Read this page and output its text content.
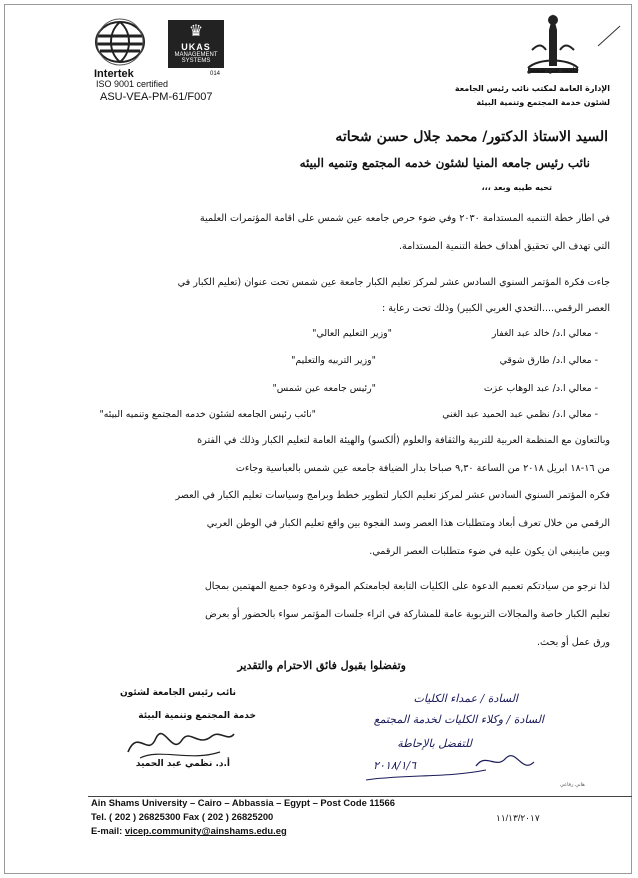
Intertek
♛
UKAS
MANAGEMENT SYSTEMS
014
ISO 9001 certified
ASU-VEA-PM-61/F007
جامعة عين شمس
الإدارة العامة لمكتب نائب رئيس الجامعة
لشئون خدمة المجتمع وتنمية البيئة
السيد الاستاذ الدكتور/ محمد جلال حسن شحاته
نائب رئيس جامعه المنيا لشئون خدمه المجتمع وتنميه البيئه
تحيه طيبه وبعد ،،،
في اطار خطة التنميه المستدامة ٢٠٣٠ وفي ضوء حرص جامعه عين شمس على اقامة المؤتمرات العلمية
التي تهدف الي تحقيق أهداف خطة التنمية المستدامة.
جاءت فكرة المؤتمر السنوي السادس عشر لمركز تعليم الكبار جامعة عين شمس تحت عنوان (تعليم الكبار في
العصر الرقمي....التحدي العربي الكبير) وذلك تحت رعاية :
- معالي ا.د/ خالد عبد الغفار
"وزير التعليم العالي"
- معالي ا.د/ طارق شوقي
"وزير التربيه والتعليم"
- معالي ا.د/ عبد الوهاب عزت
"رئيس جامعه عين شمس"
- معالي ا.د/ نظمي عبد الحميد عبد الغني
"نائب رئيس الجامعه لشئون خدمه المجتمع وتنميه البيئه"
وبالتعاون مع المنظمة العربية للتربية والثقافة والعلوم (ألكسو) والهيئة العامة لتعليم الكبار وذلك في الفترة
من ١٦-١٨ ابريل ٢٠١٨ من الساعة ٩,٣٠ صباحا بدار الضيافة جامعه عين شمس بالعباسية وجاءت
فكره المؤتمر السنوي السادس عشر لمركز تعليم الكبار لتطوير خطط وبرامج وسياسات تعليم الكبار في العصر
الرقمي من خلال تعرف أبعاد ومتطلبات هذا العصر وسد الفجوة بين واقع تعليم الكبار في الوطن العربي
وبين ماينبغي ان يكون عليه في ضوء متطلبات العصر الرقمي.
لذا نرجو من سيادتكم تعميم الدعوة على الكليات التابعة لجامعتكم الموقرة ودعوة جميع المهتمين بمجال
تعليم الكبار خاصة والمجالات التربوية عامة للمشاركة في اثراء جلسات المؤتمر سواء بالحضور أو بعرض
ورق عمل أو بحث.
وتفضلوا بقبول فائق الاحترام والتقدير
نائب رئيس الجامعة لشئون
خدمة المجتمع وتنمية البيئة
أ.د. نظمي عبد الحميد
السادة / عمداء الكليات
السادة / وكلاء الكليات لخدمة المجتمع
للتفضل بالإحاطة
٢٠١٨/١/٦
هاني رفاعي
Ain Shams University – Cairo – Abbassia – Egypt – Post Code 11566
Tel. ( 202 ) 26825300 Fax ( 202 ) 26825200
E-mail: vicep.community@ainshams.edu.eg
١١/١٣/٢٠١٧
